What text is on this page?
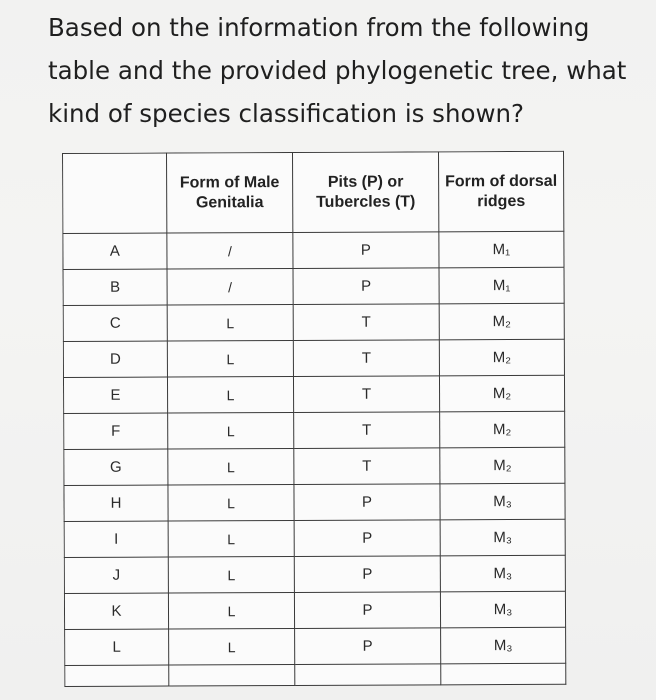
Based on the information from the following table and the provided phylogenetic tree, what kind of species classification is shown?

	Form of Male Genitalia	Pits (P) or Tubercles (T)	Form of dorsal ridges
A	/	P	M₁
B	/	P	M₁
C	L	T	M₂
D	L	T	M₂
E	L	T	M₂
F	L	T	M₂
G	L	T	M₂
H	L	P	M₃
I	L	P	M₃
J	L	P	M₃
K	L	P	M₃
L	L	P	M₃
